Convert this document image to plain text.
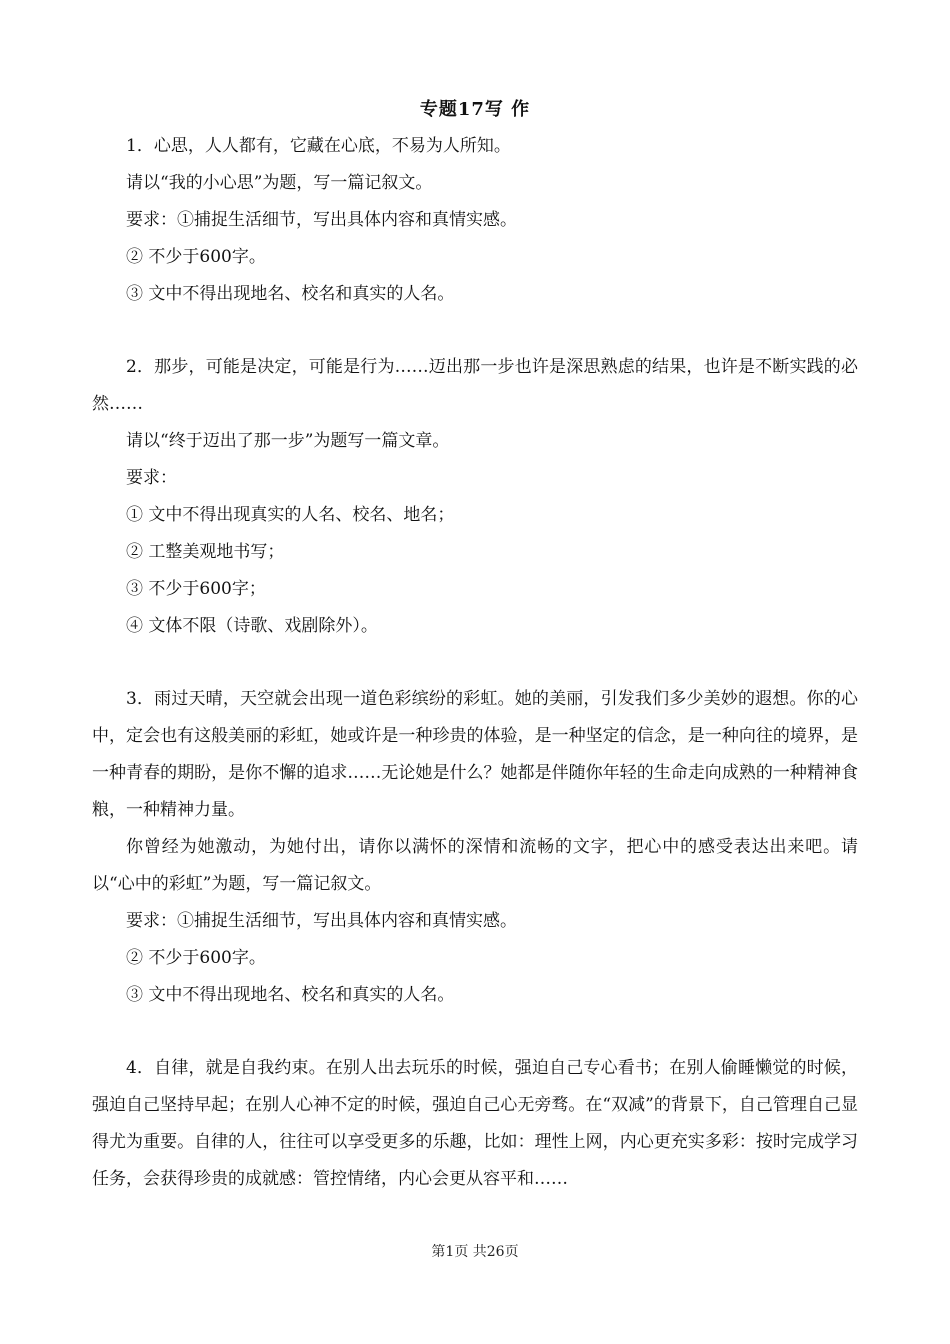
专题17写 作

1．心思，人人都有，它藏在心底，不易为人所知。

请以“我的小心思”为题，写一篇记叙文。

要求：①捕捉生活细节，写出具体内容和真情实感。

② 不少于600字。

③ 文中不得出现地名、校名和真实的人名。

2．那步，可能是决定，可能是行为……迈出那一步也许是深思熟虑的结果，也许是不断实践的必然……

请以“终于迈出了那一步”为题写一篇文章。

要求：

① 文中不得出现真实的人名、校名、地名；

② 工整美观地书写；

③ 不少于600字；

④ 文体不限（诗歌、戏剧除外）。

3．雨过天晴，天空就会出现一道色彩缤纷的彩虹。她的美丽，引发我们多少美妙的遐想。你的心中，定会也有这般美丽的彩虹，她或许是一种珍贵的体验，是一种坚定的信念，是一种向往的境界，是一种青春的期盼，是你不懈的追求……无论她是什么？她都是伴随你年轻的生命走向成熟的一种精神食粮，一种精神力量。

你曾经为她激动，为她付出，请你以满怀的深情和流畅的文字，把心中的感受表达出来吧。请以“心中的彩虹”为题，写一篇记叙文。

要求：①捕捉生活细节，写出具体内容和真情实感。

② 不少于600字。

③ 文中不得出现地名、校名和真实的人名。

4．自律，就是自我约束。在别人出去玩乐的时候，强迫自己专心看书；在别人偷睡懒觉的时候，强迫自己坚持早起；在别人心神不定的时候，强迫自己心无旁骛。在“双减”的背景下，自己管理自己显得尤为重要。自律的人，往往可以享受更多的乐趣，比如：理性上网，内心更充实多彩：按时完成学习任务，会获得珍贵的成就感：管控情绪，内心会更从容平和……

第1页 共26页
